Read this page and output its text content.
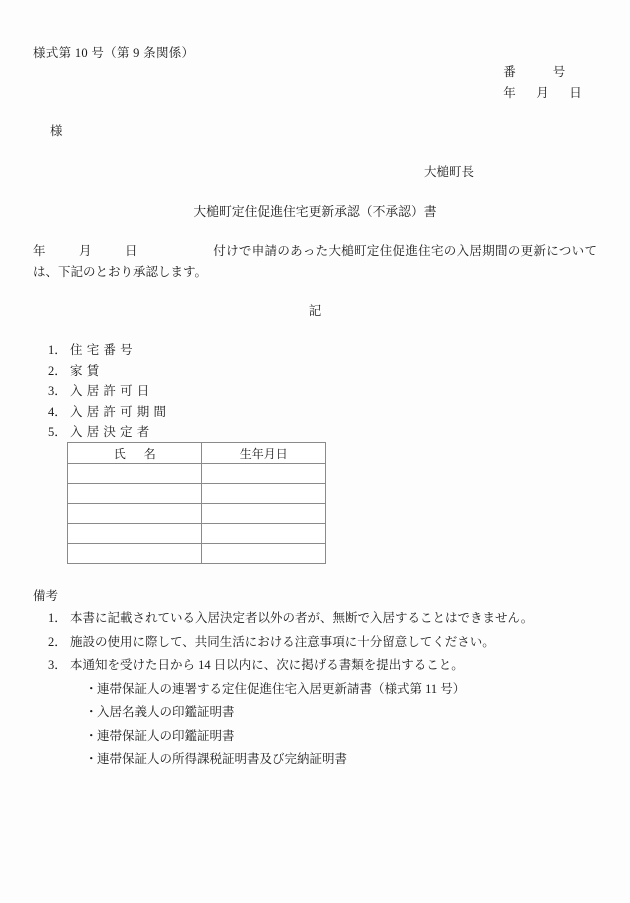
様式第 10 号（第 9 条関係）
番	号
年 月 日
様
大槌町長
大槌町定住促進住宅更新承認（不承認）書
年	月	日	付けで申請のあった大槌町定住促進住宅の入居期間の更新については、下記のとおり承認します。
記
1． 住宅番号
2． 家賃
3． 入居許可日
4． 入居許可期間
5． 入居決定者
氏 名	生年月日

備考
1． 本書に記載されている入居決定者以外の者が、無断で入居することはできません。
2． 施設の使用に際して、共同生活における注意事項に十分留意してください。
3． 本通知を受けた日から 14 日以内に、次に掲げる書類を提出すること。
・ 連帯保証人の連署する定住促進住宅入居更新請書（様式第 11 号）
・ 入居名義人の印鑑証明書
・ 連帯保証人の印鑑証明書
・ 連帯保証人の所得課税証明書及び完納証明書
